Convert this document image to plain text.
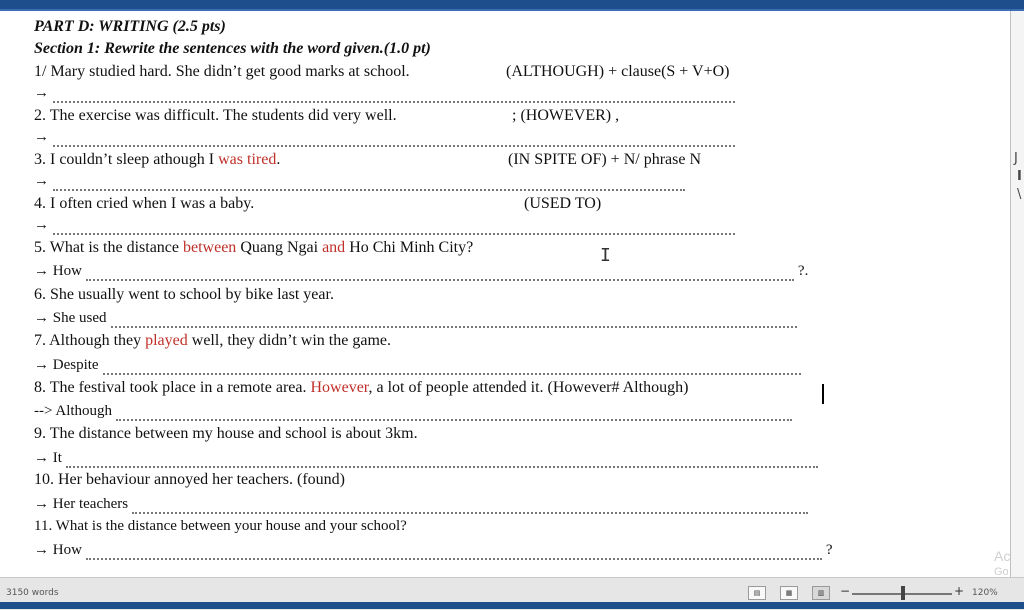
PART D: WRITING (2.5 pts)
Section 1: Rewrite the sentences with the word given.(1.0 pt)
1/ Mary studied hard. She didn’t get good marks at school.	(ALTHOUGH) + clause(S + V+O)
→
2. The exercise was difficult. The students did very well.	; (HOWEVER) ,
→
3. I couldn’t sleep athough I was tired.	(IN SPITE OF) + N/ phrase N
→
4. I often cried when I was a baby.	(USED TO)
→
5. What is the distance between Quang Ngai and Ho Chi Minh City?
→ How	?.
6. She usually went to school by bike last year.
→ She used
7. Although they played well, they didn’t win the game.
→ Despite
8. The festival took place in a remote area. However, a lot of people attended it. (However# Although)
--> Although
9. The distance between my house and school is about 3km.
→ It
10. Her behaviour annoyed her teachers. (found)
→ Her teachers
11. What is the distance between your house and your school?
→ How	?
I
J
I
\
3150 words	▤	▦	▥	−	+ 120%
Ac
Go
